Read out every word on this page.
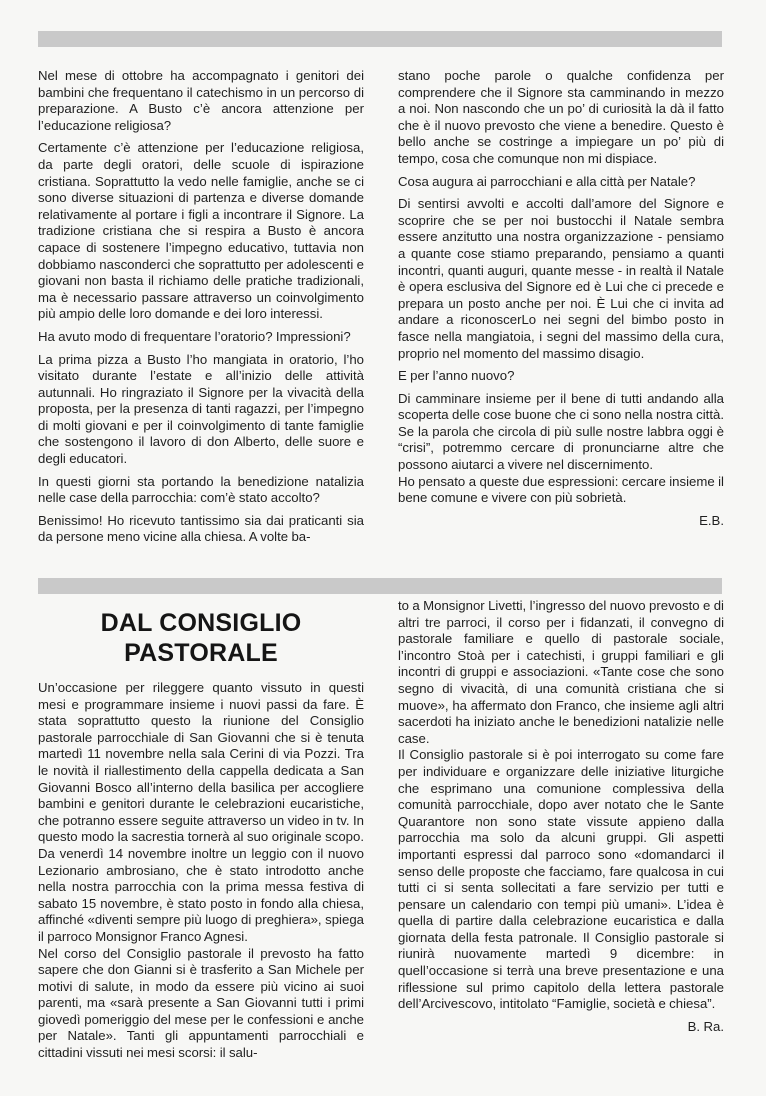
Nel mese di ottobre ha accompagnato i genitori dei bambini che frequentano il catechismo in un percorso di preparazione. A Busto c’è ancora attenzione per l’educazione religiosa?

Certamente c’è attenzione per l’educazione religiosa, da parte degli oratori, delle scuole di ispirazione cristiana. Soprattutto la vedo nelle famiglie, anche se ci sono diverse situazioni di partenza e diverse domande relativamente al portare i figli a incontrare il Signore. La tradizione cristiana che si respira a Busto è ancora capace di sostenere l’impegno educativo, tuttavia non dobbiamo nasconderci che soprattutto per adolescenti e giovani non basta il richiamo delle pratiche tradizionali, ma è necessario passare attraverso un coinvolgimento più ampio delle loro domande e dei loro interessi.

Ha avuto modo di frequentare l’oratorio? Impressioni?

La prima pizza a Busto l’ho mangiata in oratorio, l’ho visitato durante l’estate e all’inizio delle attività autunnali. Ho ringraziato il Signore per la vivacità della proposta, per la presenza di tanti ragazzi, per l’impegno di molti giovani e per il coinvolgimento di tante famiglie che sostengono il lavoro di don Alberto, delle suore e degli educatori.

In questi giorni sta portando la benedizione natalizia nelle case della parrocchia: com’è stato accolto?

Benissimo! Ho ricevuto tantissimo sia dai praticanti sia da persone meno vicine alla chiesa. A volte ba-

stano poche parole o qualche confidenza per comprendere che il Signore sta camminando in mezzo a noi. Non nascondo che un po’ di curiosità la dà il fatto che è il nuovo prevosto che viene a benedire. Questo è bello anche se costringe a impiegare un po’ più di tempo, cosa che comunque non mi dispiace.

Cosa augura ai parrocchiani e alla città per Natale?

Di sentirsi avvolti e accolti dall’amore del Signore e scoprire che se per noi bustocchi il Natale sembra essere anzitutto una nostra organizzazione - pensiamo a quante cose stiamo preparando, pensiamo a quanti incontri, quanti auguri, quante messe - in realtà il Natale è opera esclusiva del Signore ed è Lui che ci precede e prepara un posto anche per noi. È Lui che ci invita ad andare a riconoscerLo nei segni del bimbo posto in fasce nella mangiatoia, i segni del massimo della cura, proprio nel momento del massimo disagio.

E per l’anno nuovo?

Di camminare insieme per il bene di tutti andando alla scoperta delle cose buone che ci sono nella nostra città. Se la parola che circola di più sulle nostre labbra oggi è “crisi”, potremmo cercare di pronunciarne altre che possono aiutarci a vivere nel discernimento.

Ho pensato a queste due espressioni: cercare insieme il bene comune e vivere con più sobrietà.

E.B.
DAL CONSIGLIO
PASTORALE

Un’occasione per rileggere quanto vissuto in questi mesi e programmare insieme i nuovi passi da fare. È stata soprattutto questo la riunione del Consiglio pastorale parrocchiale di San Giovanni che si è tenuta martedì 11 novembre nella sala Cerini di via Pozzi. Tra le novità il riallestimento della cappella dedicata a San Giovanni Bosco all’interno della basilica per accogliere bambini e genitori durante le celebrazioni eucaristiche, che potranno essere seguite attraverso un video in tv. In questo modo la sacrestia tornerà al suo originale scopo. Da venerdì 14 novembre inoltre un leggio con il nuovo Lezionario ambrosiano, che è stato introdotto anche nella nostra parrocchia con la prima messa festiva di sabato 15 novembre, è stato posto in fondo alla chiesa, affinché «diventi sempre più luogo di preghiera», spiega il parroco Monsignor Franco Agnesi.

Nel corso del Consiglio pastorale il prevosto ha fatto sapere che don Gianni si è trasferito a San Michele per motivi di salute, in modo da essere più vicino ai suoi parenti, ma «sarà presente a San Giovanni tutti i primi giovedì pomeriggio del mese per le confessioni e anche per Natale». Tanti gli appuntamenti parrocchiali e cittadini vissuti nei mesi scorsi: il salu-

to a Monsignor Livetti, l’ingresso del nuovo prevosto e di altri tre parroci, il corso per i fidanzati, il convegno di pastorale familiare e quello di pastorale sociale, l’incontro Stoà per i catechisti, i gruppi familiari e gli incontri di gruppi e associazioni. «Tante cose che sono segno di vivacità, di una comunità cristiana che si muove», ha affermato don Franco, che insieme agli altri sacerdoti ha iniziato anche le benedizioni natalizie nelle case.

Il Consiglio pastorale si è poi interrogato su come fare per individuare e organizzare delle iniziative liturgiche che esprimano una comunione complessiva della comunità parrocchiale, dopo aver notato che le Sante Quarantore non sono state vissute appieno dalla parrocchia ma solo da alcuni gruppi. Gli aspetti importanti espressi dal parroco sono «domandarci il senso delle proposte che facciamo, fare qualcosa in cui tutti ci si senta sollecitati a fare servizio per tutti e pensare un calendario con tempi più umani». L’idea è quella di partire dalla celebrazione eucaristica e dalla giornata della festa patronale. Il Consiglio pastorale si riunirà nuovamente martedì 9 dicembre: in quell’occasione si terrà una breve presentazione e una riflessione sul primo capitolo della lettera pastorale dell’Arcivescovo, intitolato “Famiglie, società e chiesa”.

B. Ra.
